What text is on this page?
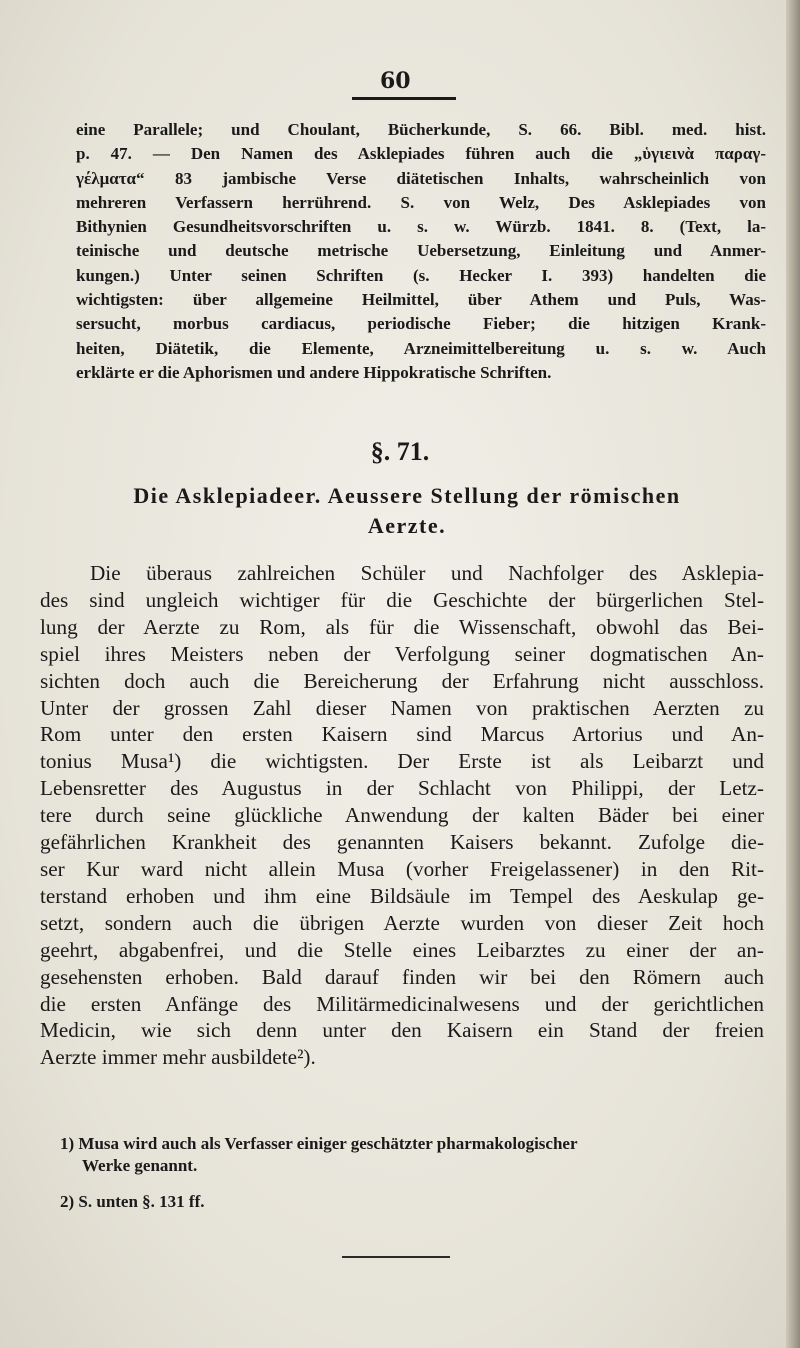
60
eine Parallele; und Choulant, Bücherkunde, S. 66. Bibl. med. hist.
p. 47. — Den Namen des Asklepiades führen auch die „ὑγιεινὰ παραγ-
γέλματα“ 83 jambische Verse diätetischen Inhalts, wahrscheinlich von
mehreren Verfassern herrührend. S. von Welz, Des Asklepiades von
Bithynien Gesundheitsvorschriften u. s. w. Würzb. 1841. 8. (Text, la-
teinische und deutsche metrische Uebersetzung, Einleitung und Anmer-
kungen.) Unter seinen Schriften (s. Hecker I. 393) handelten die
wichtigsten: über allgemeine Heilmittel, über Athem und Puls, Was-
sersucht, morbus cardiacus, periodische Fieber; die hitzigen Krank-
heiten, Diätetik, die Elemente, Arzneimittelbereitung u. s. w. Auch
erklärte er die Aphorismen und andere Hippokratische Schriften.
§. 71.
Die Asklepiadeer. Aeussere Stellung der römischen
Aerzte.
Die überaus zahlreichen Schüler und Nachfolger des Asklepia-
des sind ungleich wichtiger für die Geschichte der bürgerlichen Stel-
lung der Aerzte zu Rom, als für die Wissenschaft, obwohl das Bei-
spiel ihres Meisters neben der Verfolgung seiner dogmatischen An-
sichten doch auch die Bereicherung der Erfahrung nicht ausschloss.
Unter der grossen Zahl dieser Namen von praktischen Aerzten zu
Rom unter den ersten Kaisern sind Marcus Artorius und An-
tonius Musa¹) die wichtigsten. Der Erste ist als Leibarzt und
Lebensretter des Augustus in der Schlacht von Philippi, der Letz-
tere durch seine glückliche Anwendung der kalten Bäder bei einer
gefährlichen Krankheit des genannten Kaisers bekannt. Zufolge die-
ser Kur ward nicht allein Musa (vorher Freigelassener) in den Rit-
terstand erhoben und ihm eine Bildsäule im Tempel des Aeskulap ge-
setzt, sondern auch die übrigen Aerzte wurden von dieser Zeit hoch
geehrt, abgabenfrei, und die Stelle eines Leibarztes zu einer der an-
gesehensten erhoben. Bald darauf finden wir bei den Römern auch
die ersten Anfänge des Militärmedicinalwesens und der gerichtlichen
Medicin, wie sich denn unter den Kaisern ein Stand der freien
Aerzte immer mehr ausbildete²).
1) Musa wird auch als Verfasser einiger geschätzter pharmakologischer
Werke genannt.
2) S. unten §. 131 ff.
